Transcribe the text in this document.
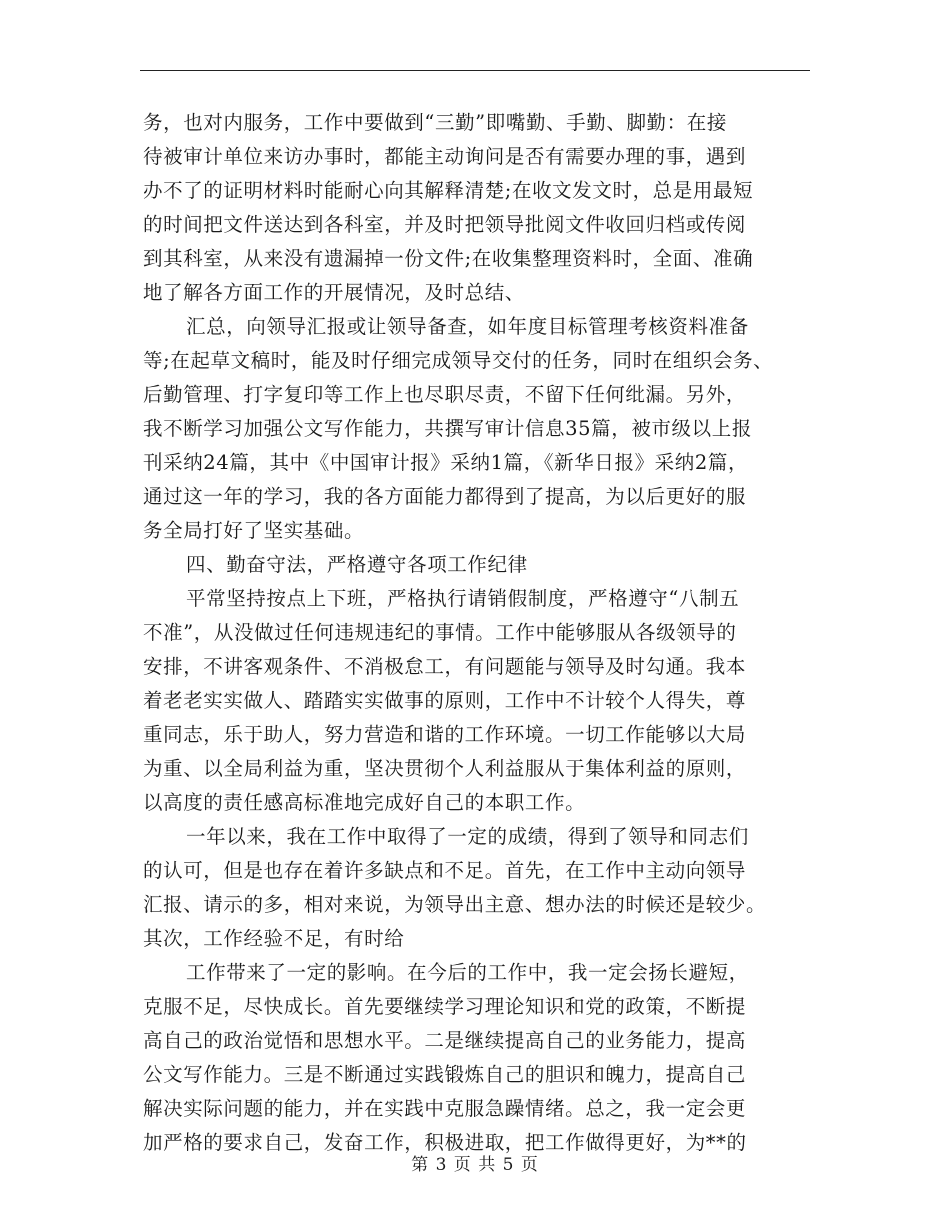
务，也对内服务，工作中要做到“三勤”即嘴勤、手勤、脚勤：在接
待被审计单位来访办事时，都能主动询问是否有需要办理的事，遇到
办不了的证明材料时能耐心向其解释清楚;在收文发文时，总是用最短
的时间把文件送达到各科室，并及时把领导批阅文件收回归档或传阅
到其科室，从来没有遗漏掉一份文件;在收集整理资料时，全面、准确
地了解各方面工作的开展情况，及时总结、
汇总，向领导汇报或让领导备查，如年度目标管理考核资料准备
等;在起草文稿时，能及时仔细完成领导交付的任务，同时在组织会务、
后勤管理、打字复印等工作上也尽职尽责，不留下任何纰漏。另外，
我不断学习加强公文写作能力，共撰写审计信息35篇，被市级以上报
刊采纳24篇，其中《中国审计报》采纳1篇，《新华日报》采纳2篇，
通过这一年的学习，我的各方面能力都得到了提高，为以后更好的服
务全局打好了坚实基础。
四、勤奋守法，严格遵守各项工作纪律
平常坚持按点上下班，严格执行请销假制度，严格遵守“八制五
不准”，从没做过任何违规违纪的事情。工作中能够服从各级领导的
安排，不讲客观条件、不消极怠工，有问题能与领导及时勾通。我本
着老老实实做人、踏踏实实做事的原则，工作中不计较个人得失，尊
重同志，乐于助人，努力营造和谐的工作环境。一切工作能够以大局
为重、以全局利益为重，坚决贯彻个人利益服从于集体利益的原则，
以高度的责任感高标准地完成好自己的本职工作。
一年以来，我在工作中取得了一定的成绩，得到了领导和同志们
的认可，但是也存在着许多缺点和不足。首先，在工作中主动向领导
汇报、请示的多，相对来说，为领导出主意、想办法的时候还是较少。
其次，工作经验不足，有时给
工作带来了一定的影响。在今后的工作中，我一定会扬长避短，
克服不足，尽快成长。首先要继续学习理论知识和党的政策，不断提
高自己的政治觉悟和思想水平。二是继续提高自己的业务能力，提高
公文写作能力。三是不断通过实践锻炼自己的胆识和魄力，提高自己
解决实际问题的能力，并在实践中克服急躁情绪。总之，我一定会更
加严格的要求自己，发奋工作，积极进取，把工作做得更好，为**的
第 3 页 共 5 页
